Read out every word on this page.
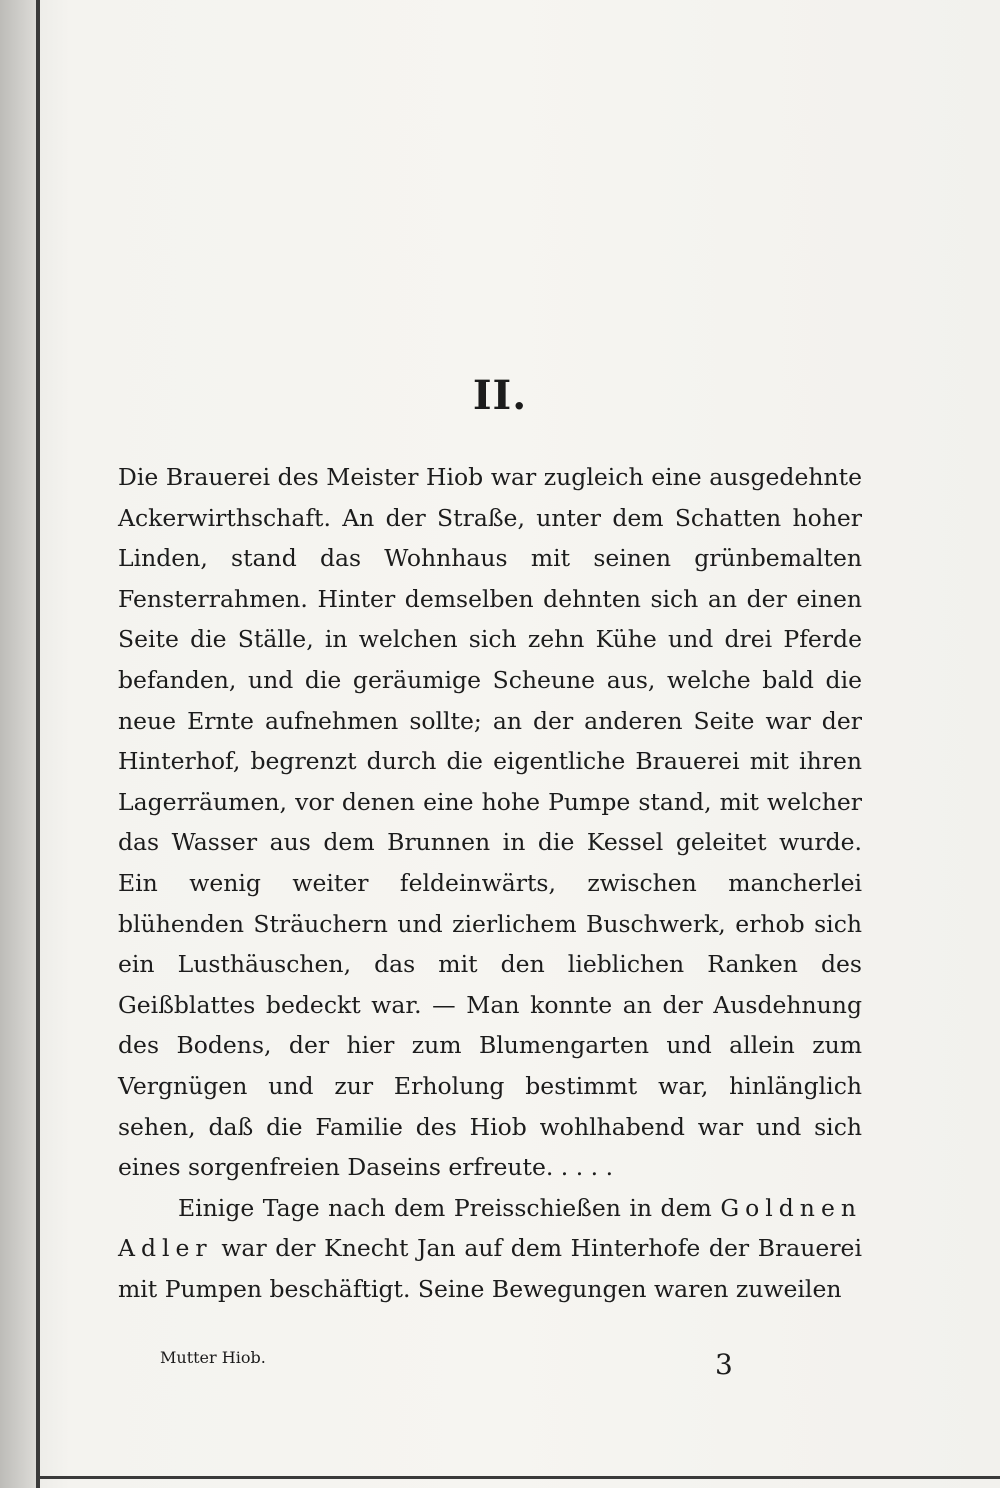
II.

Die Brauerei des Meister Hiob war zugleich eine ausgedehnte Ackerwirthschaft. An der Straße, unter dem Schatten hoher Linden, stand das Wohnhaus mit seinen grünbemalten Fensterrahmen. Hinter demselben dehnten sich an der einen Seite die Ställe, in welchen sich zehn Kühe und drei Pferde befanden, und die geräumige Scheune aus, welche bald die neue Ernte aufnehmen sollte; an der anderen Seite war der Hinterhof, begrenzt durch die eigentliche Brauerei mit ihren Lagerräumen, vor denen eine hohe Pumpe stand, mit welcher das Wasser aus dem Brunnen in die Kessel geleitet wurde. Ein wenig weiter feldeinwärts, zwischen mancherlei blühenden Sträuchern und zierlichem Buschwerk, erhob sich ein Lusthäuschen, das mit den lieblichen Ranken des Geißblattes bedeckt war. — Man konnte an der Ausdehnung des Bodens, der hier zum Blumengarten und allein zum Vergnügen und zur Erholung bestimmt war, hinlänglich sehen, daß die Familie des Hiob wohlhabend war und sich eines sorgenfreien Daseins erfreute. . . . .

Einige Tage nach dem Preisschießen in dem Goldnen Adler war der Knecht Jan auf dem Hinterhofe der Brauerei mit Pumpen beschäftigt. Seine Bewegungen waren zuweilen

Mutter Hiob.	3
